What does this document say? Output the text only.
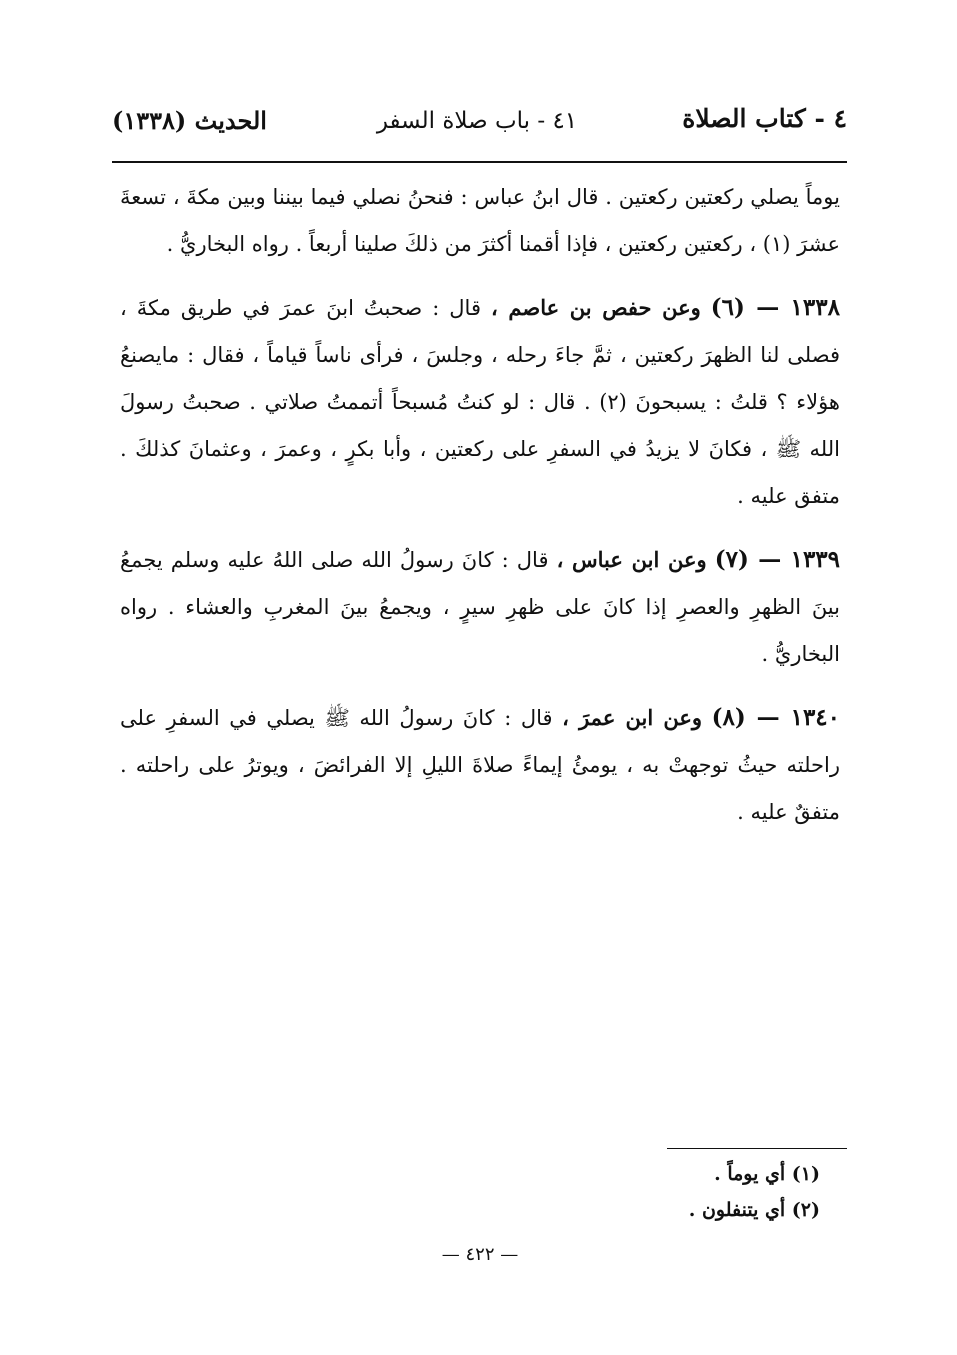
٤ - كتاب الصلاة
٤١ - باب صلاة السفر
الحديث (١٣٣٨)

يوماً يصلي ركعتين ركعتين . قال ابنُ عباس : فنحنُ نصلي فيما بيننا وبين مكةَ ، تسعةَ عشرَ (١) ، ركعتين ركعتين ، فإذا أقمنا أكثرَ من ذلكَ صلينا أربعاً . رواه البخاريُّ .

١٣٣٨ — (٦) وعن حفص بن عاصم ، قال : صحبتُ ابنَ عمرَ في طريق مكةَ ، فصلى لنا الظهرَ ركعتين ، ثمَّ جاءَ رحله ، وجلسَ ، فرأى ناساً قياماً ، فقال : مايصنعُ هؤلاء ؟ قلتُ : يسبحونَ (٢) . قال : لو كنتُ مُسبحاً أتممتُ صلاتي . صحبتُ رسولَ الله ﷺ ، فكانَ لا يزيدُ في السفرِ على ركعتين ، وأبا بكرٍ ، وعمرَ ، وعثمانَ كذلكَ . متفق عليه .

١٣٣٩ — (٧) وعن ابن عباس ، قال : كانَ رسولُ الله صلى اللهُ عليه وسلم يجمعُ بينَ الظهرِ والعصرِ إذا كانَ على ظهرِ سيرٍ ، ويجمعُ بينَ المغربِ والعشاء . رواه البخاريُّ .

١٣٤٠ — (٨) وعن ابن عمرَ ، قال : كانَ رسولُ الله ﷺ يصلي في السفرِ على راحلته حيثُ توجهتْ به ، يومئُ إيماءً صلاةَ الليلِ إلا الفرائضَ ، ويوترُ على راحلته . متفقٌ عليه .

(١) أي يوماً .
(٢) أي يتنفلون .
— ٤٢٢ —
